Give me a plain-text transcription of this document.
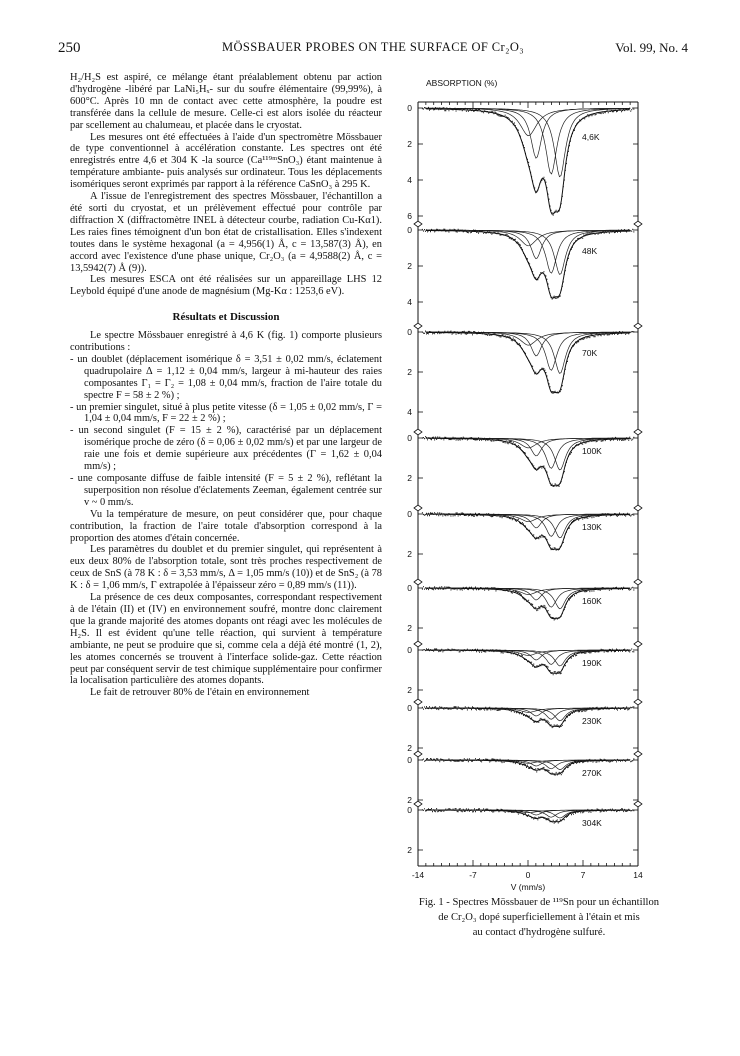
250	MÖSSBAUER PROBES ON THE SURFACE OF Cr₂O₃	Vol. 99, No. 4

H₂/H₂S est aspiré, ce mélange étant préalablement obtenu par action d'hydrogène -libéré par LaNi₅Hₓ- sur du soufre élémentaire (99,99%), à 600°C. Après 10 mn de contact avec cette atmosphère, la poudre est transférée dans la cellule de mesure. Celle-ci est alors isolée du réacteur par scellement au chalumeau, et placée dans le cryostat.

Les mesures ont été effectuées à l'aide d'un spectromètre Mössbauer de type conventionnel à accélération constante. Les spectres ont été enregistrés entre 4,6 et 304 K -la source (Ca¹¹⁹ᵐSnO₃) étant maintenue à température ambiante- puis analysés sur ordinateur. Tous les déplacements isomériques seront exprimés par rapport à la référence CaSnO₃ à 295 K.

A l'issue de l'enregistrement des spectres Mössbauer, l'échantillon a été sorti du cryostat, et un prélèvement effectué pour contrôle par diffraction X (diffractomètre INEL à détecteur courbe, radiation Cu-Kα1). Les raies fines témoignent d'un bon état de cristallisation. Elles s'indexent toutes dans le système hexagonal (a = 4,956(1) Å, c = 13,587(3) Å), en accord avec l'existence d'une phase unique, Cr₂O₃ (a = 4,9588(2) Å, c = 13,5942(7) Å (9)).

Les mesures ESCA ont été réalisées sur un appareillage LHS 12 Leybold équipé d'une anode de magnésium (Mg-Kα : 1253,6 eV).

Résultats et Discussion

Le spectre Mössbauer enregistré à 4,6 K (fig. 1) comporte plusieurs contributions :

- un doublet (déplacement isomérique δ = 3,51 ± 0,02 mm/s, éclatement quadrupolaire Δ = 1,12 ± 0,04 mm/s, largeur à mi-hauteur des raies composantes Γ₁ = Γ₂ = 1,08 ± 0,04 mm/s, fraction de l'aire totale du spectre F = 58 ± 2 %) ;
- un premier singulet, situé à plus petite vitesse (δ = 1,05 ± 0,02 mm/s, Γ = 1,04 ± 0,04 mm/s, F = 22 ± 2 %) ;
- un second singulet (F = 15 ± 2 %), caractérisé par un déplacement isomérique proche de zéro (δ = 0,06 ± 0,02 mm/s) et par une largeur de raie une fois et demie supérieure aux précédentes (Γ = 1,62 ± 0,04 mm/s) ;
- une composante diffuse de faible intensité (F = 5 ± 2 %), reflétant la superposition non résolue d'éclatements Zeeman, également centrée sur v ~ 0 mm/s.

Vu la température de mesure, on peut considérer que, pour chaque contribution, la fraction de l'aire totale d'absorption correspond à la proportion des atomes d'étain concernée.

Les paramètres du doublet et du premier singulet, qui représentent à eux deux 80% de l'absorption totale, sont très proches respectivement de ceux de SnS (à 78 K : δ = 3,53 mm/s, Δ = 1,05 mm/s (10)) et de SnS₂ (à 78 K : δ = 1,06 mm/s, Γ extrapolée à l'épaisseur zéro = 0,89 mm/s (11)).

La présence de ces deux composantes, correspondant respectivement à de l'étain (II) et (IV) en environnement soufré, montre donc clairement que la grande majorité des atomes dopants ont réagi avec les molécules de H₂S. Il est évident qu'une telle réaction, qui survient à température ambiante, ne peut se produire que si, comme cela a déjà été montré (1, 2), les atomes concernés se trouvent à l'interface solide-gaz. Cette réaction peut par conséquent servir de test chimique supplémentaire pour confirmer la localisation particulière des atomes dopants.

Le fait de retrouver 80% de l'étain en environnement

ABSORPTION (%)
-14	-7	0	7	14
V (mm/s)
0
2
4
6
4,6K
0
2
4
48K
0
2
4
70K
0
2
100K
0
2
130K
0
2
160K
0
2
190K
0
2
230K
0
2
270K
0
2
304K
Fig. 1 - Spectres Mössbauer de ¹¹⁹Sn pour un échantillon
de Cr₂O₃ dopé superficiellement à l'étain et mis
au contact d'hydrogène sulfuré.
